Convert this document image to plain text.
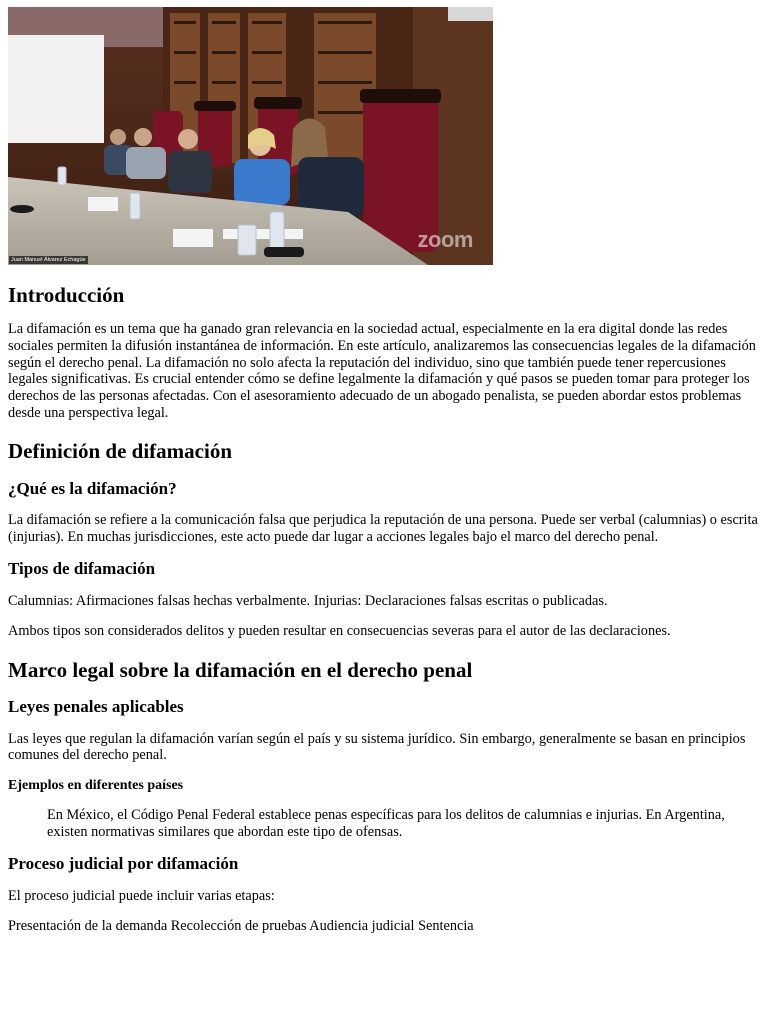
Juan Manuel Álvarez Echagüe
zoom
Introducción

La difamación es un tema que ha ganado gran relevancia en la sociedad actual, especialmente en la era digital donde las redes sociales permiten la difusión instantánea de información. En este artículo, analizaremos las consecuencias legales de la difamación según el derecho penal. La difamación no solo afecta la reputación del individuo, sino que también puede tener repercusiones legales significativas. Es crucial entender cómo se define legalmente la difamación y qué pasos se pueden tomar para proteger los derechos de las personas afectadas. Con el asesoramiento adecuado de un abogado penalista, se pueden abordar estos problemas desde una perspectiva legal.

Definición de difamación
¿Qué es la difamación?

La difamación se refiere a la comunicación falsa que perjudica la reputación de una persona. Puede ser verbal (calumnias) o escrita (injurias). En muchas jurisdicciones, este acto puede dar lugar a acciones legales bajo el marco del derecho penal.

Tipos de difamación

Calumnias: Afirmaciones falsas hechas verbalmente. Injurias: Declaraciones falsas escritas o publicadas.

Ambos tipos son considerados delitos y pueden resultar en consecuencias severas para el autor de las declaraciones.

Marco legal sobre la difamación en el derecho penal
Leyes penales aplicables

Las leyes que regulan la difamación varían según el país y su sistema jurídico. Sin embargo, generalmente se basan en principios comunes del derecho penal.

Ejemplos en diferentes países

En México, el Código Penal Federal establece penas específicas para los delitos de calumnias e injurias. En Argentina, existen normativas similares que abordan este tipo de ofensas.

Proceso judicial por difamación

El proceso judicial puede incluir varias etapas:

Presentación de la demanda Recolección de pruebas Audiencia judicial Sentencia
